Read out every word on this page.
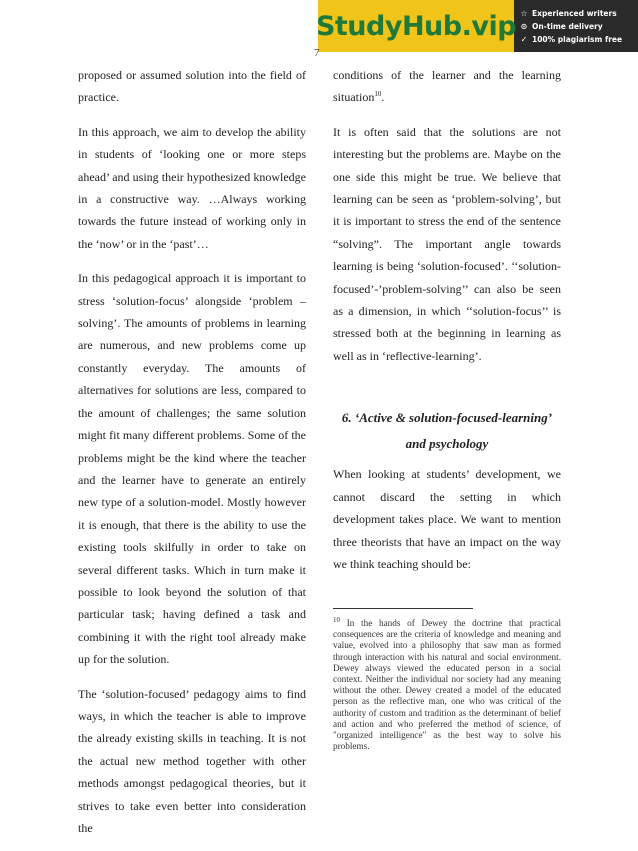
StudyHub.vip ☆ Experienced writers
⊙ On-time delivery
✓ 100% plagiarism free
7

proposed or assumed solution into the field of practice.

In this approach, we aim to develop the ability in students of ‘looking one or more steps ahead’ and using their hypothesized knowledge in a constructive way. …Always working towards the future instead of working only in the ‘now’ or in the ‘past’…

In this pedagogical approach it is important to stress ‘solution-focus’ alongside ‘problem – solving’. The amounts of problems in learning are numerous, and new problems come up constantly everyday. The amounts of alternatives for solutions are less, compared to the amount of challenges; the same solution might fit many different problems. Some of the problems might be the kind where the teacher and the learner have to generate an entirely new type of a solution-model. Mostly however it is enough, that there is the ability to use the existing tools skilfully in order to take on several different tasks. Which in turn make it possible to look beyond the solution of that particular task; having defined a task and combining it with the right tool already make up for the solution.

The ‘solution-focused’ pedagogy aims to find ways, in which the teacher is able to improve the already existing skills in teaching. It is not the actual new method together with other methods amongst pedagogical theories, but it strives to take even better into consideration the

conditions of the learner and the learning situation$^{10}$.

It is often said that the solutions are not interesting but the problems are. Maybe on the one side this might be true. We believe that learning can be seen as ‘problem-solving’, but it is important to stress the end of the sentence “solving”. The important angle towards learning is being ‘solution-focused’. ‘‘solution-focused’-’problem-solving’’ can also be seen as a dimension, in which ‘‘solution-focus’’ is stressed both at the beginning in learning as well as in ‘reflective-learning’.

6. ‘Active & solution-focused-learning’
and psychology

When looking at students’ development, we cannot discard the setting in which development takes place. We want to mention three theorists that have an impact on the way we think teaching should be:

$^{10}$ In the hands of Dewey the doctrine that practical consequences are the criteria of knowledge and meaning and value, evolved into a philosophy that saw man as formed through interaction with his natural and social environment. Dewey always viewed the educated person in a social context. Neither the individual nor society had any meaning without the other. Dewey created a model of the educated person as the reflective man, one who was critical of the authority of custom and tradition as the determinant of belief and action and who preferred the method of science, of "organized intelligence" as the best way to solve his problems.
